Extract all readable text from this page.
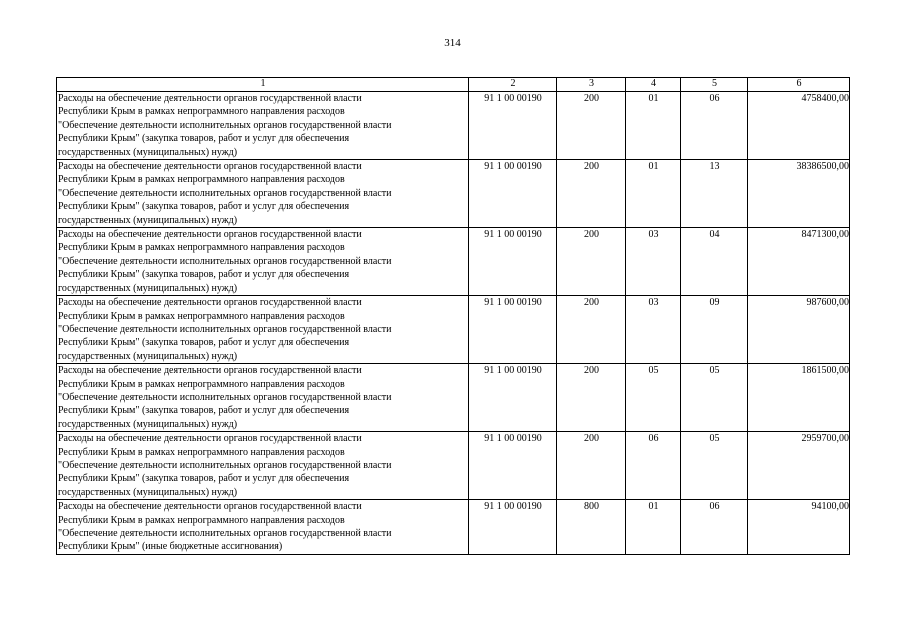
314
1	2	3	4	5	6

Расходы на обеспечение деятельности органов государственной власти
Республики Крым в рамках непрограммного направления расходов
"Обеспечение деятельности исполнительных органов государственной власти
Республики Крым" (закупка товаров, работ и услуг для обеспечения
государственных (муниципальных) нужд)	91 1 00 00190	200	01	06	4758400,00

Расходы на обеспечение деятельности органов государственной власти
Республики Крым в рамках непрограммного направления расходов
"Обеспечение деятельности исполнительных органов государственной власти
Республики Крым" (закупка товаров, работ и услуг для обеспечения
государственных (муниципальных) нужд)	91 1 00 00190	200	01	13	38386500,00

Расходы на обеспечение деятельности органов государственной власти
Республики Крым в рамках непрограммного направления расходов
"Обеспечение деятельности исполнительных органов государственной власти
Республики Крым" (закупка товаров, работ и услуг для обеспечения
государственных (муниципальных) нужд)	91 1 00 00190	200	03	04	8471300,00

Расходы на обеспечение деятельности органов государственной власти
Республики Крым в рамках непрограммного направления расходов
"Обеспечение деятельности исполнительных органов государственной власти
Республики Крым" (закупка товаров, работ и услуг для обеспечения
государственных (муниципальных) нужд)	91 1 00 00190	200	03	09	987600,00

Расходы на обеспечение деятельности органов государственной власти
Республики Крым в рамках непрограммного направления расходов
"Обеспечение деятельности исполнительных органов государственной власти
Республики Крым" (закупка товаров, работ и услуг для обеспечения
государственных (муниципальных) нужд)	91 1 00 00190	200	05	05	1861500,00

Расходы на обеспечение деятельности органов государственной власти
Республики Крым в рамках непрограммного направления расходов
"Обеспечение деятельности исполнительных органов государственной власти
Республики Крым" (закупка товаров, работ и услуг для обеспечения
государственных (муниципальных) нужд)	91 1 00 00190	200	06	05	2959700,00

Расходы на обеспечение деятельности органов государственной власти
Республики Крым в рамках непрограммного направления расходов
"Обеспечение деятельности исполнительных органов государственной власти
Республики Крым" (иные бюджетные ассигнования)	91 1 00 00190	800	01	06	94100,00
